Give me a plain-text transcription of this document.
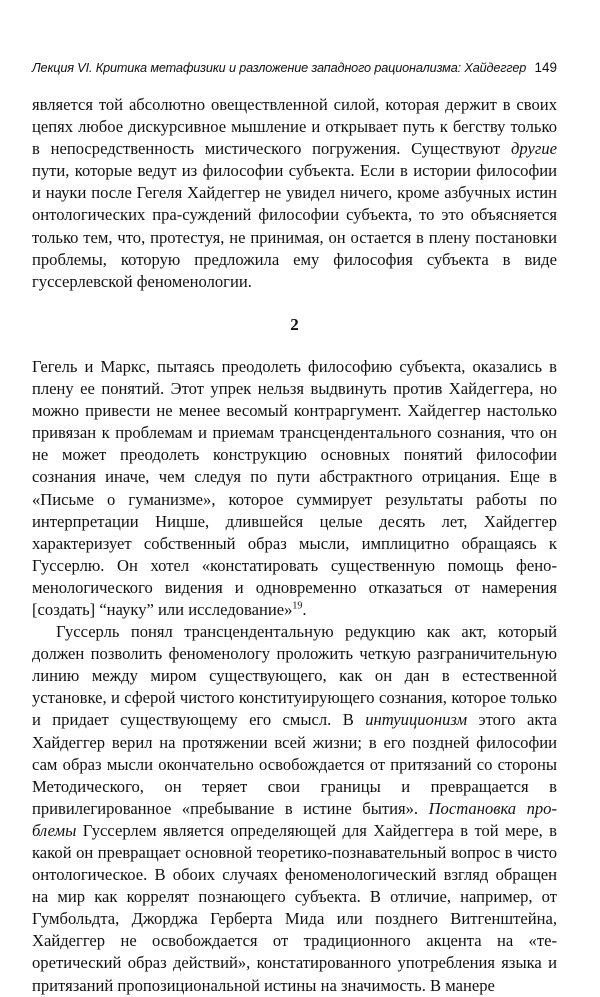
Лекция VI. Критика метафизики и разложение западного рационализма: Хайдеггер 149

является той абсолютно овеществленной силой, которая держит в своих цепях любое дискурсивное мышление и открывает путь к бегству только в непосредственность мистического погружения. Существуют другие пути, которые ведут из философии субъекта. Если в истории философии и науки после Гегеля Хайдеггер не увидел ничего, кроме азбучных истин онтологических пра-суждений философии субъекта, то это объясняется только тем, что, протестуя, не принимая, он остается в плену постановки проблемы, которую предложила ему философия субъекта в виде гуссерлевской феноменологии.

2

Гегель и Маркс, пытаясь преодолеть философию субъекта, оказались в плену ее понятий. Этот упрек нельзя выдвинуть против Хайдеггера, но можно привести не менее весомый контраргумент. Хайдеггер настолько привязан к проблемам и приемам трансцендентального сознания, что он не может преодолеть конструкцию основных понятий философии сознания иначе, чем следуя по пути абстрактного отрицания. Еще в «Письме о гуманизме», которое суммирует результаты работы по интерпретации Ницше, длившейся целые десять лет, Хайдеггер характеризует собственный образ мысли, имплицитно обращаясь к Гуссерлю. Он хотел «констатировать существенную помощь феноменологического видения и одновременно отказаться от намерения [создать] “науку” или исследование»$^{19}$.

Гуссерль понял трансцендентальную редукцию как акт, который должен позволить феноменологу проложить четкую разграничительную линию между миром существующего, как он дан в естественной установке, и сферой чистого конституирующего сознания, которое только и придает существующему его смысл. В интуиционизм этого акта Хайдеггер верил на протяжении всей жизни; в его поздней философии сам образ мысли окончательно освобождается от притязаний со стороны Методического, он теряет свои границы и превращается в привилегированное «пребывание в истине бытия». Постановка проблемы Гуссерлем является определяющей для Хайдеггера в той мере, в какой он превращает основной теоретико-познавательный вопрос в чисто онтологическое. В обоих случаях феноменологический взгляд обращен на мир как коррелят познающего субъекта. В отличие, например, от Гумбольдта, Джорджа Герберта Мида или позднего Витгенштейна, Хайдеггер не освобождается от традиционного акцента на «теоретический образ действий», констатированного употребления языка и притязаний пропозициональной истины на значимость. В манере
